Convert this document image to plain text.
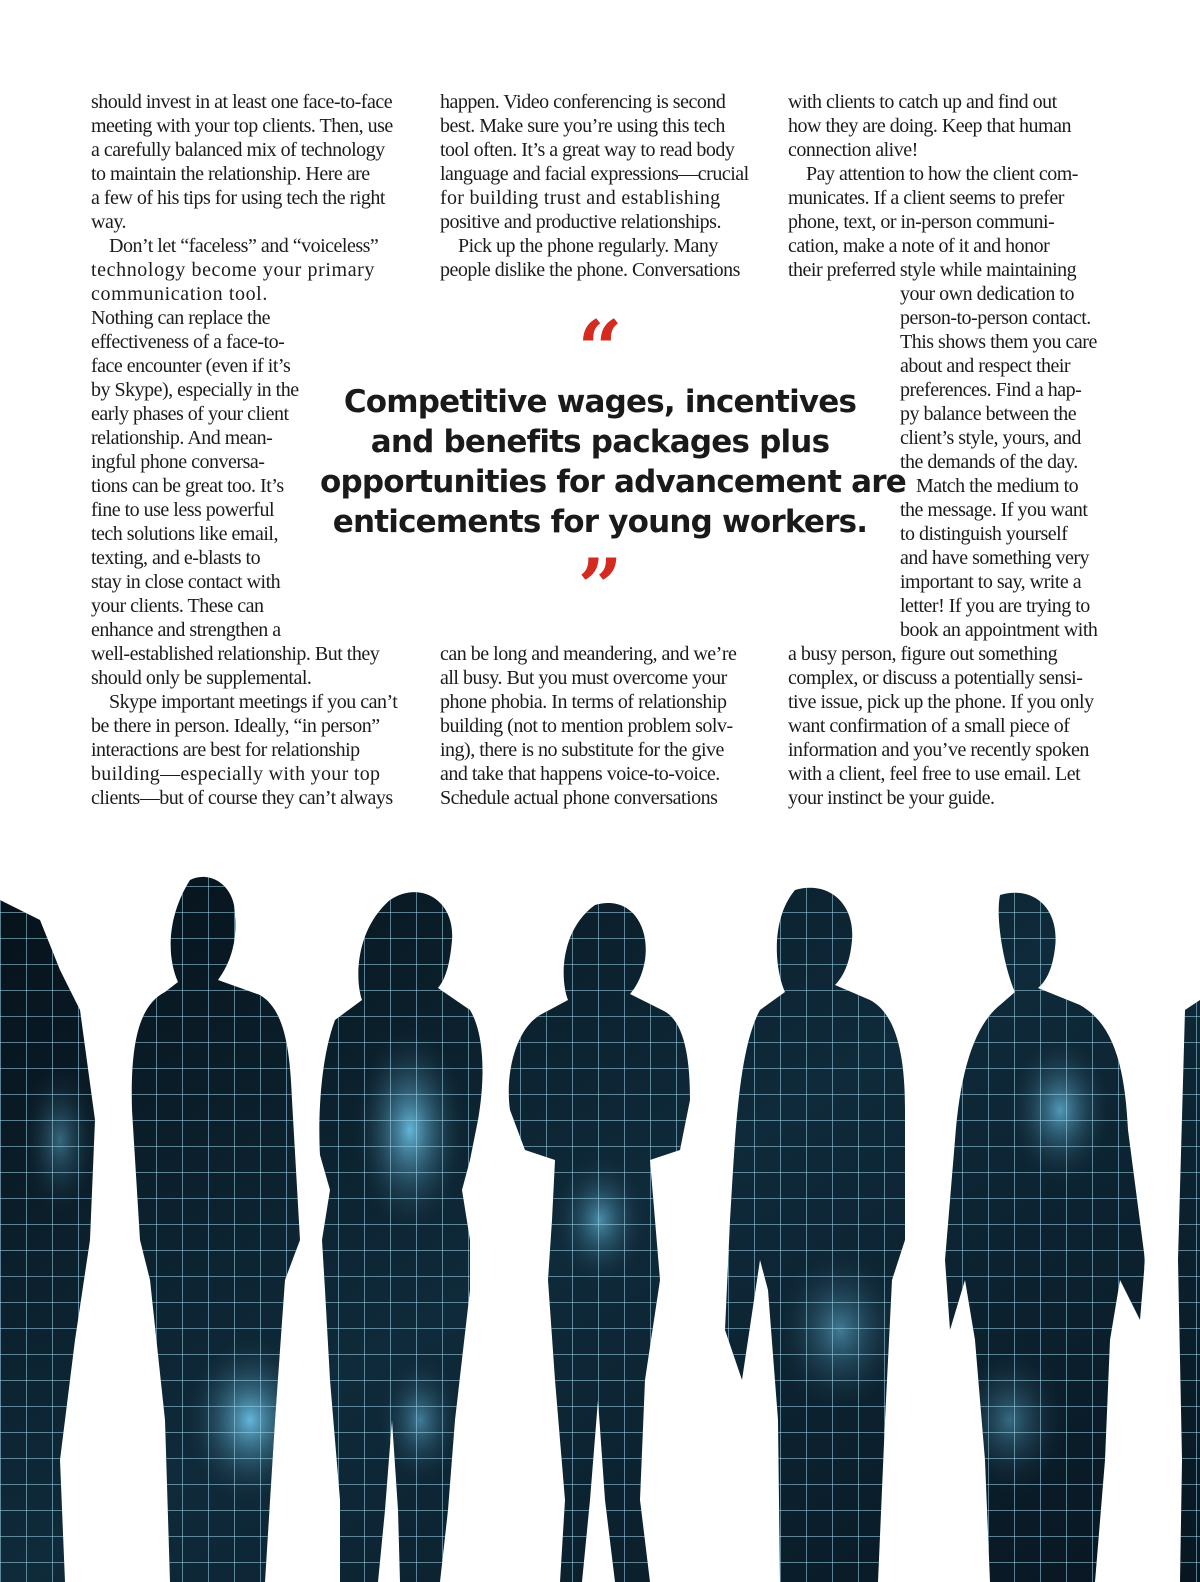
should invest in at least one face-to-face
meeting with your top clients. Then, use
a carefully balanced mix of technology
to maintain the relationship. Here are
a few of his tips for using tech the right
way.
Don’t let “faceless” and “voiceless”
technology become your primary
communication tool.
Nothing can replace the
effectiveness of a face-to-
face encounter (even if it’s
by Skype), especially in the
early phases of your client
relationship. And mean-
ingful phone conversa-
tions can be great too. It’s
fine to use less powerful
tech solutions like email,
texting, and e-blasts to
stay in close contact with
your clients. These can
enhance and strengthen a
well-established relationship. But they
should only be supplemental.
Skype important meetings if you can’t
be there in person. Ideally, “in person”
interactions are best for relationship
building—especially with your top
clients—but of course they can’t always
happen. Video conferencing is second
best. Make sure you’re using this tech
tool often. It’s a great way to read body
language and facial expressions—crucial
for building trust and establishing
positive and productive relationships.
Pick up the phone regularly. Many
people dislike the phone. Conversations
can be long and meandering, and we’re
all busy. But you must overcome your
phone phobia. In terms of relationship
building (not to mention problem solv-
ing), there is no substitute for the give
and take that happens voice-to-voice.
Schedule actual phone conversations
with clients to catch up and find out
how they are doing. Keep that human
connection alive!
Pay attention to how the client com-
municates. If a client seems to prefer
phone, text, or in-person communi-
cation, make a note of it and honor
their preferred style while maintaining
your own dedication to
person-to-person contact.
This shows them you care
about and respect their
preferences. Find a hap-
py balance between the
client’s style, yours, and
the demands of the day.
Match the medium to
the message. If you want
to distinguish yourself
and have something very
important to say, write a
letter! If you are trying to
book an appointment with
a busy person, figure out something
complex, or discuss a potentially sensi-
tive issue, pick up the phone. If you only
want confirmation of a small piece of
information and you’ve recently spoken
with a client, feel free to use email. Let
your instinct be your guide.
“
Competitive wages, incentives
and benefits packages plus
opportunities for advancement are
enticements for young workers.
”
